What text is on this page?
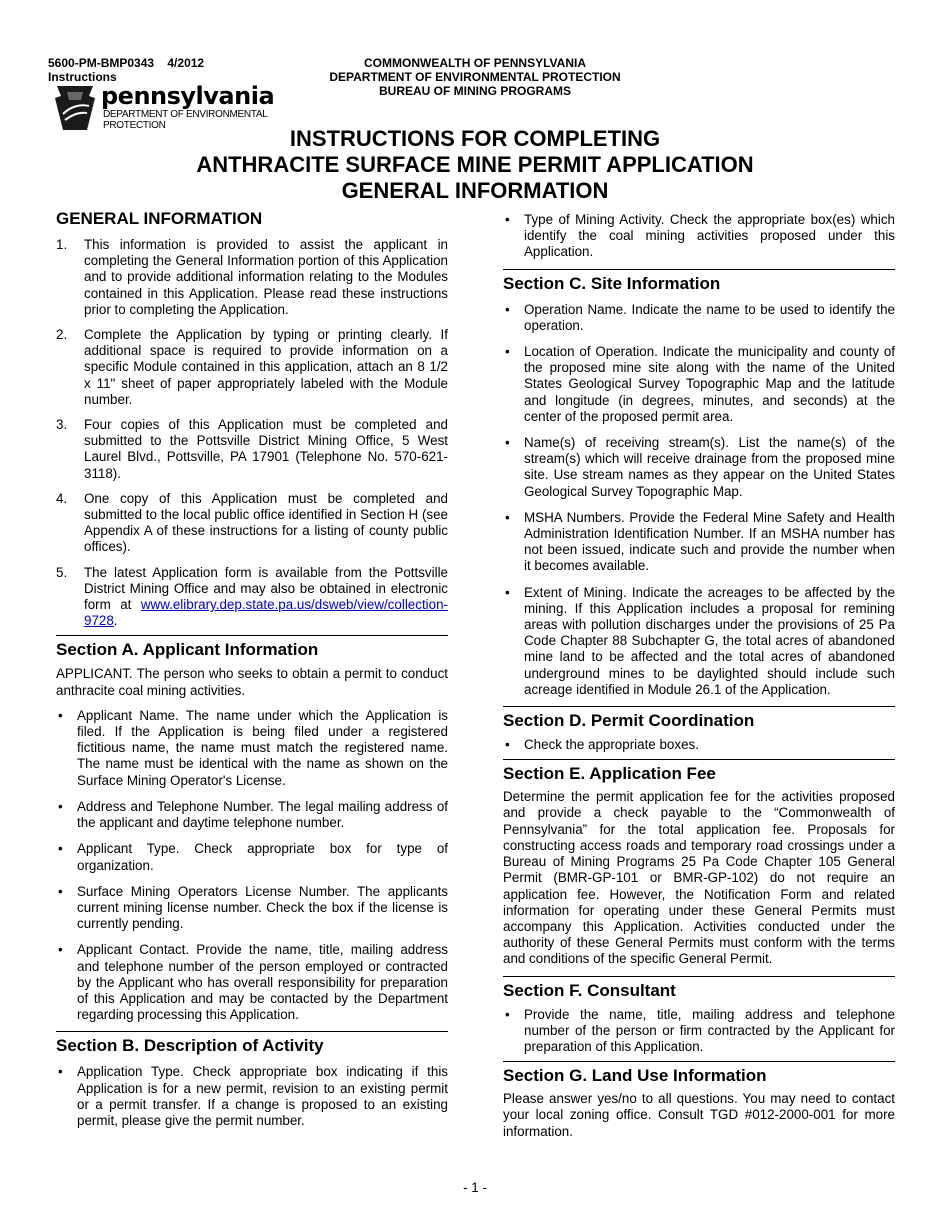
5600-PM-BMP0343    4/2012
Instructions
COMMONWEALTH OF PENNSYLVANIA
DEPARTMENT OF ENVIRONMENTAL PROTECTION
BUREAU OF MINING PROGRAMS
pennsylvania
DEPARTMENT OF ENVIRONMENTAL
PROTECTION
INSTRUCTIONS FOR COMPLETING
ANTHRACITE SURFACE MINE PERMIT APPLICATION
GENERAL INFORMATION
GENERAL INFORMATION
1. This information is provided to assist the applicant in completing the General Information portion of this Application and to provide additional information relating to the Modules contained in this Application. Please read these instructions prior to completing the Application.
2. Complete the Application by typing or printing clearly. If additional space is required to provide information on a specific Module contained in this application, attach an 8 1/2 x 11" sheet of paper appropriately labeled with the Module number.
3. Four copies of this Application must be completed and submitted to the Pottsville District Mining Office, 5 West Laurel Blvd., Pottsville, PA 17901 (Telephone No. 570-621-3118).
4. One copy of this Application must be completed and submitted to the local public office identified in Section H (see Appendix A of these instructions for a listing of county public offices).
5. The latest Application form is available from the Pottsville District Mining Office and may also be obtained in electronic form at www.elibrary.dep.state.pa.us/dsweb/view/collection-9728.
Section A. Applicant Information

APPLICANT. The person who seeks to obtain a permit to conduct anthracite coal mining activities.

• Applicant Name. The name under which the Application is filed. If the Application is being filed under a registered fictitious name, the name must match the registered name. The name must be identical with the name as shown on the Surface Mining Operator's License.
• Address and Telephone Number. The legal mailing address of the applicant and daytime telephone number.
• Applicant Type. Check appropriate box for type of organization.
• Surface Mining Operators License Number. The applicants current mining license number. Check the box if the license is currently pending.
• Applicant Contact. Provide the name, title, mailing address and telephone number of the person employed or contracted by the Applicant who has overall responsibility for preparation of this Application and may be contacted by the Department regarding processing this Application.
Section B. Description of Activity
• Application Type. Check appropriate box indicating if this Application is for a new permit, revision to an existing permit or a permit transfer. If a change is proposed to an existing permit, please give the permit number.
• Type of Mining Activity. Check the appropriate box(es) which identify the coal mining activities proposed under this Application.
Section C. Site Information
• Operation Name. Indicate the name to be used to identify the operation.
• Location of Operation. Indicate the municipality and county of the proposed mine site along with the name of the United States Geological Survey Topographic Map and the latitude and longitude (in degrees, minutes, and seconds) at the center of the proposed permit area.
• Name(s) of receiving stream(s). List the name(s) of the stream(s) which will receive drainage from the proposed mine site. Use stream names as they appear on the United States Geological Survey Topographic Map.
• MSHA Numbers. Provide the Federal Mine Safety and Health Administration Identification Number. If an MSHA number has not been issued, indicate such and provide the number when it becomes available.
• Extent of Mining. Indicate the acreages to be affected by the mining. If this Application includes a proposal for remining areas with pollution discharges under the provisions of 25 Pa Code Chapter 88 Subchapter G, the total acres of abandoned mine land to be affected and the total acres of abandoned underground mines to be daylighted should include such acreage identified in Module 26.1 of the Application.
Section D. Permit Coordination
• Check the appropriate boxes.
Section E. Application Fee

Determine the permit application fee for the activities proposed and provide a check payable to the “Commonwealth of Pennsylvania” for the total application fee. Proposals for constructing access roads and temporary road crossings under a Bureau of Mining Programs 25 Pa Code Chapter 105 General Permit (BMR-GP-101 or BMR-GP-102) do not require an application fee. However, the Notification Form and related information for operating under these General Permits must accompany this Application. Activities conducted under the authority of these General Permits must conform with the terms and conditions of the specific General Permit.

Section F. Consultant
• Provide the name, title, mailing address and telephone number of the person or firm contracted by the Applicant for preparation of this Application.
Section G. Land Use Information

Please answer yes/no to all questions. You may need to contact your local zoning office. Consult TGD #012-2000-001 for more information.

- 1 -
